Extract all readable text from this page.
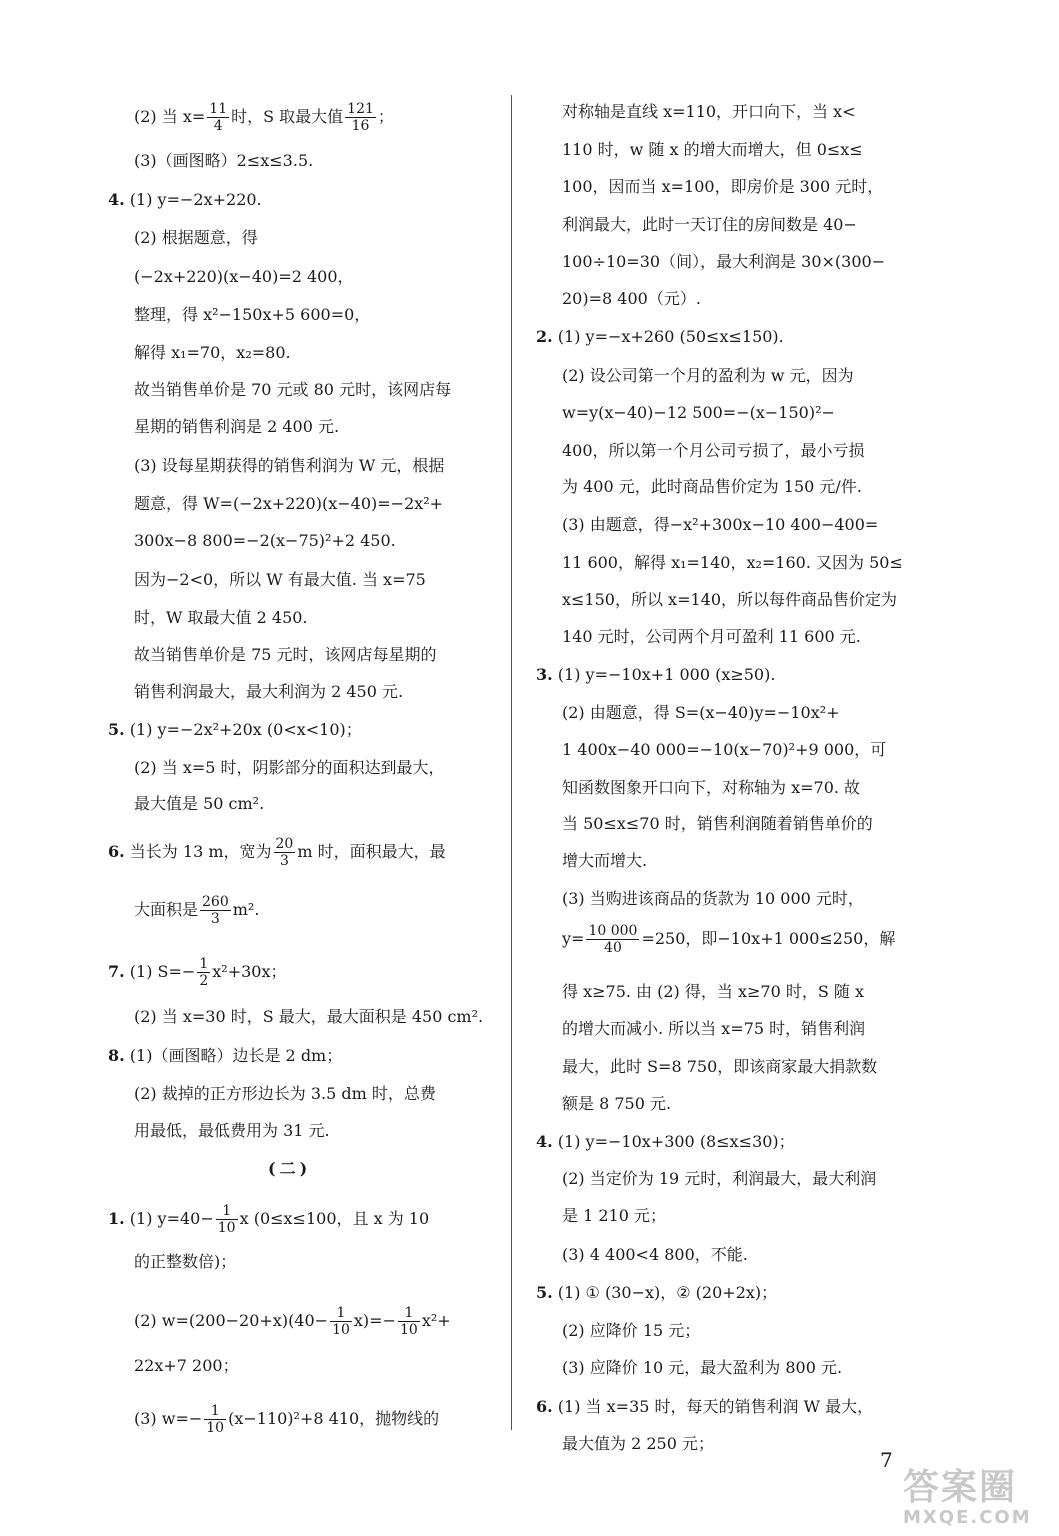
(2) 当 $x= \frac{11}{4}$ 时，S 取最大值 $\frac{121}{16}$ ；
(3)（画图略）2≤x≤3.5.
4. (1) y=−2x+220.
(2) 根据题意，得
(−2x+220)(x−40)=2 400，
整理，得 x²−150x+5 600=0，
解得 x₁=70，x₂=80.
故当销售单价是 70 元或 80 元时，该网店每
星期的销售利润是 2 400 元.
(3) 设每星期获得的销售利润为 W 元，根据
题意，得 W=(−2x+220)(x−40)=−2x²+
300x−8 800=−2(x−75)²+2 450.
因为−2<0，所以 W 有最大值. 当 x=75
时，W 取最大值 2 450.
故当销售单价是 75 元时，该网店每星期的
销售利润最大，最大利润为 2 450 元.
5. (1) y=−2x²+20x (0<x<10)；
(2) 当 x=5 时，阴影部分的面积达到最大，
最大值是 50 cm².
6. 当长为 13 m，宽为 $\frac{20}{3}$ m 时，面积最大，最
大面积是 $\frac{260}{3} m^2$.
7. (1) $S=- \frac{1}{2} x^2+30x$；
(2) 当 x=30 时，S 最大，最大面积是 450 cm².
8. (1)（画图略）边长是 2 dm；
(2) 裁掉的正方形边长为 3.5 dm 时，总费
用最低，最低费用为 31 元.
(二)
1. (1) $y=40- \frac{1}{10}$ x (0≤x≤100，且 x 为 10
的正整数倍)；
(2) $w=(200-20+x)(40- \frac{1}{10} x)=- \frac{1}{10} x^2+$
22x+7 200；
(3) $w=- \frac{1}{10} (x-110)^2+8$ 410，抛物线的
对称轴是直线 x=110，开口向下，当 x<
110 时，w 随 x 的增大而增大，但 0≤x≤
100，因而当 x=100，即房价是 300 元时，
利润最大，此时一天订住的房间数是 40−
100÷10=30（间），最大利润是 30×(300−
20)=8 400（元）.
2. (1) y=−x+260 (50≤x≤150).
(2) 设公司第一个月的盈利为 w 元，因为
w=y(x−40)−12 500=−(x−150)²−
400，所以第一个月公司亏损了，最小亏损
为 400 元，此时商品售价定为 150 元/件.
(3) 由题意，得−x²+300x−10 400−400=
11 600，解得 x₁=140，x₂=160. 又因为 50≤
x≤150，所以 x=140，所以每件商品售价定为
140 元时，公司两个月可盈利 11 600 元.
3. (1) y=−10x+1 000 (x≥50).
(2) 由题意，得 S=(x−40)y=−10x²+
1 400x−40 000=−10(x−70)²+9 000，可
知函数图象开口向下，对称轴为 x=70. 故
当 50≤x≤70 时，销售利润随着销售单价的
增大而增大.
(3) 当购进该商品的货款为 10 000 元时，
$y= \frac{10 000}{40} =250$，即−10x+1 000≤250，解
得 x≥75. 由 (2) 得，当 x≥70 时，S 随 x
的增大而减小. 所以当 x=75 时，销售利润
最大，此时 S=8 750，即该商家最大捐款数
额是 8 750 元.
4. (1) y=−10x+300 (8≤x≤30)；
(2) 当定价为 19 元时，利润最大，最大利润
是 1 210 元；
(3) 4 400<4 800，不能.
5. (1) ① (30−x)，② (20+2x)；
(2) 应降价 15 元；
(3) 应降价 10 元，最大盈利为 800 元.
6. (1) 当 x=35 时，每天的销售利润 W 最大，
最大值为 2 250 元；
7
答案圈
MXQE.COM
